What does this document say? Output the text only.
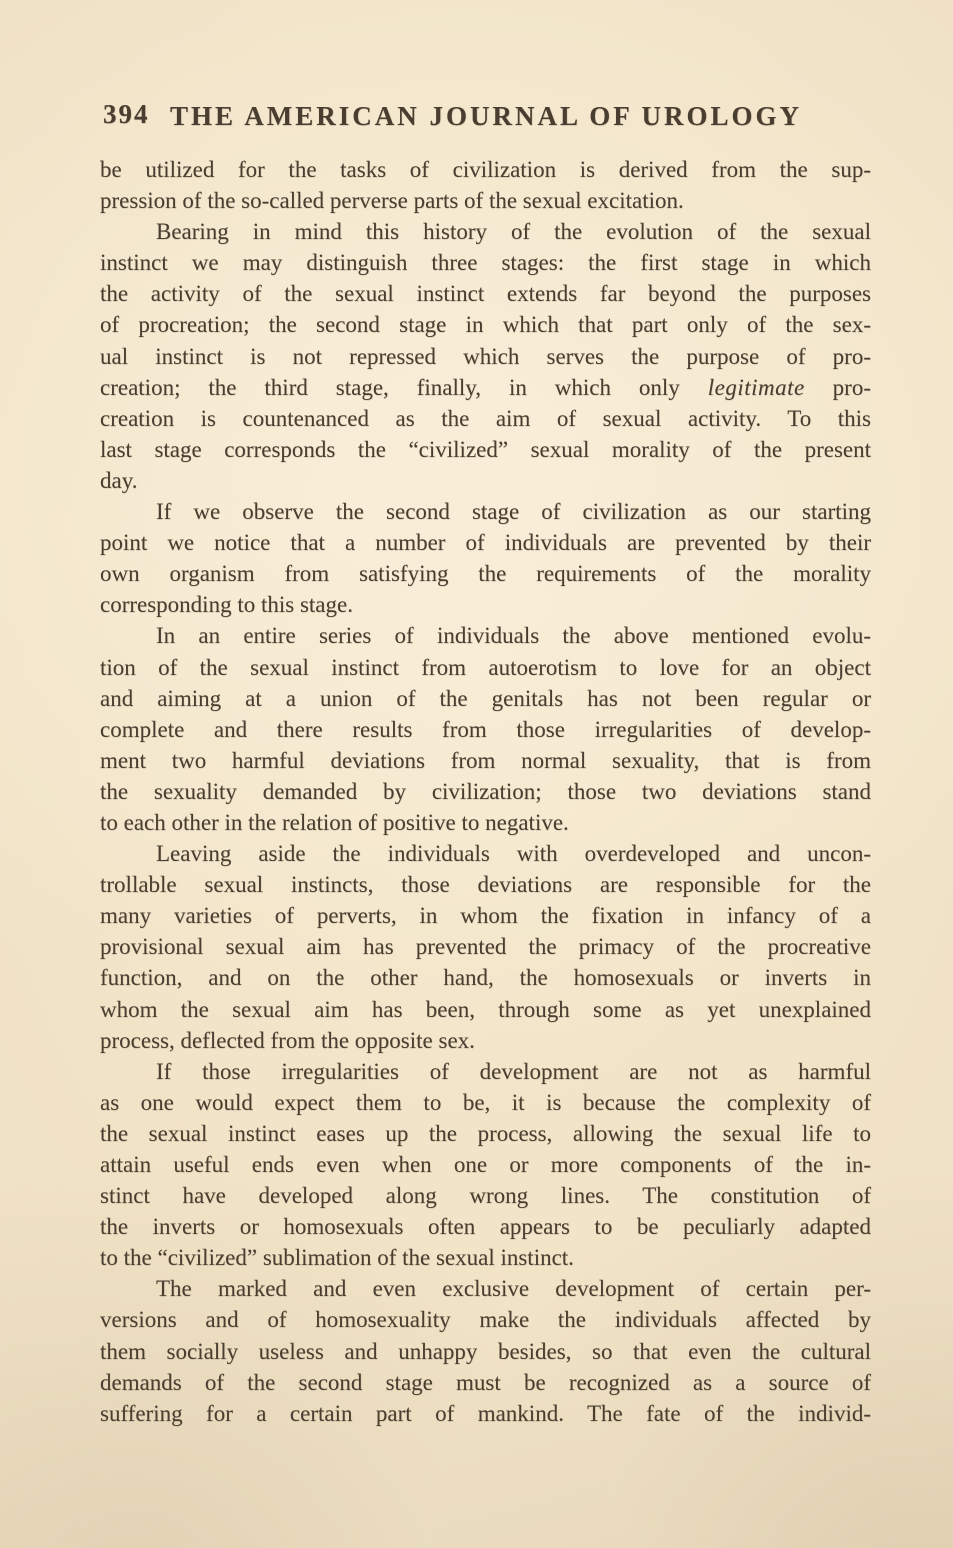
394 THE AMERICAN JOURNAL OF UROLOGY

be utilized for the tasks of civilization is derived from the sup-
pression of the so-called perverse parts of the sexual excitation.

Bearing in mind this history of the evolution of the sexual
instinct we may distinguish three stages: the first stage in which
the activity of the sexual instinct extends far beyond the purposes
of procreation; the second stage in which that part only of the sex-
ual instinct is not repressed which serves the purpose of pro-
creation; the third stage, finally, in which only legitimate pro-
creation is countenanced as the aim of sexual activity. To this
last stage corresponds the “civilized” sexual morality of the present
day.

If we observe the second stage of civilization as our starting
point we notice that a number of individuals are prevented by their
own organism from satisfying the requirements of the morality
corresponding to this stage.

In an entire series of individuals the above mentioned evolu-
tion of the sexual instinct from autoerotism to love for an object
and aiming at a union of the genitals has not been regular or
complete and there results from those irregularities of develop-
ment two harmful deviations from normal sexuality, that is from
the sexuality demanded by civilization; those two deviations stand
to each other in the relation of positive to negative.

Leaving aside the individuals with overdeveloped and uncon-
trollable sexual instincts, those deviations are responsible for the
many varieties of perverts, in whom the fixation in infancy of a
provisional sexual aim has prevented the primacy of the procreative
function, and on the other hand, the homosexuals or inverts in
whom the sexual aim has been, through some as yet unexplained
process, deflected from the opposite sex.

If those irregularities of development are not as harmful
as one would expect them to be, it is because the complexity of
the sexual instinct eases up the process, allowing the sexual life to
attain useful ends even when one or more components of the in-
stinct have developed along wrong lines. The constitution of
the inverts or homosexuals often appears to be peculiarly adapted
to the “civilized” sublimation of the sexual instinct.

The marked and even exclusive development of certain per-
versions and of homosexuality make the individuals affected by
them socially useless and unhappy besides, so that even the cultural
demands of the second stage must be recognized as a source of
suffering for a certain part of mankind. The fate of the individ-
